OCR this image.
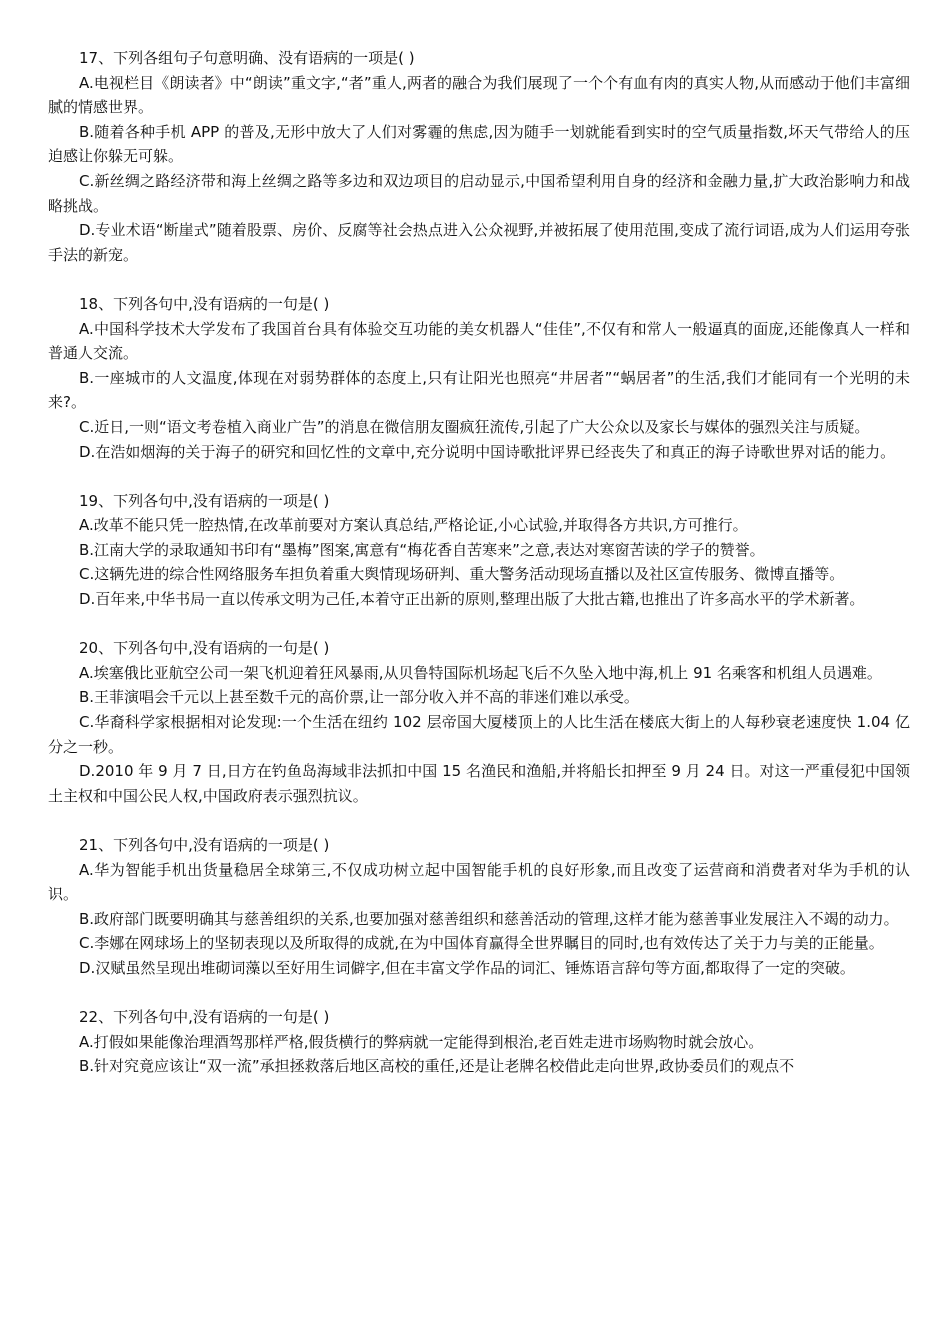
17、下列各组句子句意明确、没有语病的一项是( )

A.电视栏目《朗读者》中“朗读”重文字,“者”重人,两者的融合为我们展现了一个个有血有肉的真实人物,从而感动于他们丰富细腻的情感世界。

B.随着各种手机 APP 的普及,无形中放大了人们对雾霾的焦虑,因为随手一划就能看到实时的空气质量指数,坏天气带给人的压迫感让你躲无可躲。

C.新丝绸之路经济带和海上丝绸之路等多边和双边项目的启动显示,中国希望利用自身的经济和金融力量,扩大政治影响力和战略挑战。

D.专业术语“断崖式”随着股票、房价、反腐等社会热点进入公众视野,并被拓展了使用范围,变成了流行词语,成为人们运用夸张手法的新宠。

18、下列各句中,没有语病的一句是( )

A.中国科学技术大学发布了我国首台具有体验交互功能的美女机器人“佳佳”,不仅有和常人一般逼真的面庞,还能像真人一样和普通人交流。

B.一座城市的人文温度,体现在对弱势群体的态度上,只有让阳光也照亮“井居者”“蜗居者”的生活,我们才能同有一个光明的未来?。

C.近日,一则“语文考卷植入商业广告”的消息在微信朋友圈疯狂流传,引起了广大公众以及家长与媒体的强烈关注与质疑。

D.在浩如烟海的关于海子的研究和回忆性的文章中,充分说明中国诗歌批评界已经丧失了和真正的海子诗歌世界对话的能力。

19、下列各句中,没有语病的一项是( )

A.改革不能只凭一腔热情,在改革前要对方案认真总结,严格论证,小心试验,并取得各方共识,方可推行。

B.江南大学的录取通知书印有“墨梅”图案,寓意有“梅花香自苦寒来”之意,表达对寒窗苦读的学子的赞誉。

C.这辆先进的综合性网络服务车担负着重大舆情现场研判、重大警务活动现场直播以及社区宣传服务、微博直播等。

D.百年来,中华书局一直以传承文明为己任,本着守正出新的原则,整理出版了大批古籍,也推出了许多高水平的学术新著。

20、下列各句中,没有语病的一句是( )

A.埃塞俄比亚航空公司一架飞机迎着狂风暴雨,从贝鲁特国际机场起飞后不久坠入地中海,机上 91 名乘客和机组人员遇难。

B.王菲演唱会千元以上甚至数千元的高价票,让一部分收入并不高的菲迷们难以承受。

C.华裔科学家根据相对论发现:一个生活在纽约 102 层帝国大厦楼顶上的人比生活在楼底大街上的人每秒衰老速度快 1.04 亿分之一秒。

D.2010 年 9 月 7 日,日方在钓鱼岛海域非法抓扣中国 15 名渔民和渔船,并将船长扣押至 9 月 24 日。对这一严重侵犯中国领土主权和中国公民人权,中国政府表示强烈抗议。

21、下列各句中,没有语病的一项是( )

A.华为智能手机出货量稳居全球第三,不仅成功树立起中国智能手机的良好形象,而且改变了运营商和消费者对华为手机的认识。

B.政府部门既要明确其与慈善组织的关系,也要加强对慈善组织和慈善活动的管理,这样才能为慈善事业发展注入不竭的动力。

C.李娜在网球场上的坚韧表现以及所取得的成就,在为中国体育赢得全世界瞩目的同时,也有效传达了关于力与美的正能量。

D.汉赋虽然呈现出堆砌词藻以至好用生词僻字,但在丰富文学作品的词汇、锤炼语言辞句等方面,都取得了一定的突破。

22、下列各句中,没有语病的一句是( )

A.打假如果能像治理酒驾那样严格,假货横行的弊病就一定能得到根治,老百姓走进市场购物时就会放心。

B.针对究竟应该让“双一流”承担拯救落后地区高校的重任,还是让老牌名校借此走向世界,政协委员们的观点不
